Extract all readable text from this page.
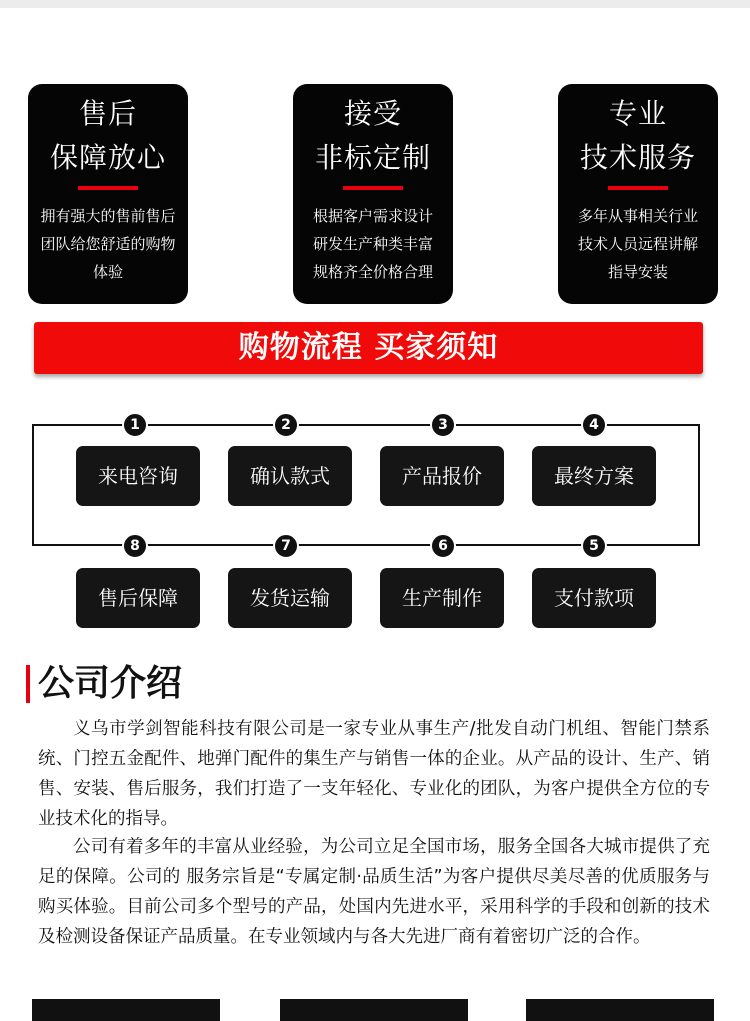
售后
保障放心
拥有强大的售前售后
团队给您舒适的购物
体验
接受
非标定制
根据客户需求设计
研发生产种类丰富
规格齐全价格合理
专业
技术服务
多年从事相关行业
技术人员远程讲解
指导安装
购物流程 买家须知
1	2	3	4
来电咨询	确认款式	产品报价	最终方案
8	7	6	5
售后保障	发货运输	生产制作	支付款项
公司介绍

义乌市学剑智能科技有限公司是一家专业从事生产/批发自动门机组、智能门禁系统、门控五金配件、地弹门配件的集生产与销售一体的企业。从产品的设计、生产、销售、安装、售后服务，我们打造了一支年轻化、专业化的团队，为客户提供全方位的专业技术化的指导。

公司有着多年的丰富从业经验，为公司立足全国市场，服务全国各大城市提供了充足的保障。公司的 服务宗旨是“专属定制·品质生活”为客户提供尽美尽善的优质服务与购买体验。目前公司多个型号的产品，处国内先进水平，采用科学的手段和创新的技术及检测设备保证产品质量。在专业领域内与各大先进厂商有着密切广泛的合作。
